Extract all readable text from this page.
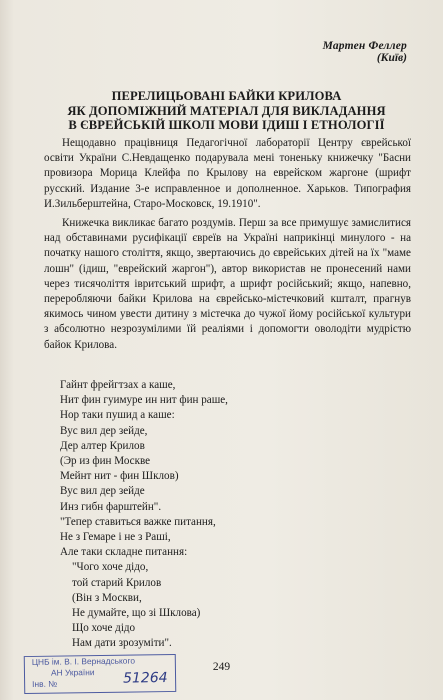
Мартен Феллер
(Київ)
ПЕРЕЛИЦЬОВАНІ БАЙКИ КРИЛОВА
ЯК ДОПОМІЖНИЙ МАТЕРІАЛ ДЛЯ ВИКЛАДАННЯ
В ЄВРЕЙСЬКІЙ ШКОЛІ МОВИ ІДИШ І ЕТНОЛОГІЇ

Нещодавно працівниця Педагогічної лабораторії Центру єврейської освіти України С.Невдащенко подарувала мені тоненьку книжечку "Басни провизора Морица Клейфа по Крылову на еврейском жаргоне (шрифт русский. Издание 3-е исправленное и дополненное. Харьков. Типография И.Зильберштейна, Старо-Московск, 19.1910".

Книжечка викликає багато роздумів. Перш за все примушує замислитися над обставинами русифікації євреїв на Україні наприкінці минулого - на початку нашого століття, якщо, звертаючись до єврейських дітей на їх "маме лошн" (ідиш, "еврейский жаргон"), автор використав не пронесений нами через тисячоліття івритський шрифт, а шрифт російський; якщо, напевно, переробляючи байки Крилова на єврейсько-містечковий кшталт, прагнув якимось чином увести дитину з містечка до чужої йому російської культури з абсолютно незрозумілими їй реаліями і допомогти оволодіти мудрістю байок Крилова.

Гайнт фрейгтзах а каше,
Нит фин гуимуре ин нит фин раше,
Нор таки пушид а каше:
Вус вил дер зейде,
Дер алтер Крилов
(Эр из фин Москве
Мейнт нит - фин Шклов)
Вус вил дер зейде
Инз гибн фарштейн".
"Тепер ставиться важке питання,
Не з Гемаре і не з Раші,
Але таки складне питання:
"Чого хоче дідо,
той старий Крилов
(Він з Москви,
Не думайте, що зі Шклова)
Що хоче дідо
Нам дати зрозуміти".
249
ЦНБ ім. В. І. Вернадського
АН України
Інв. №	51264
